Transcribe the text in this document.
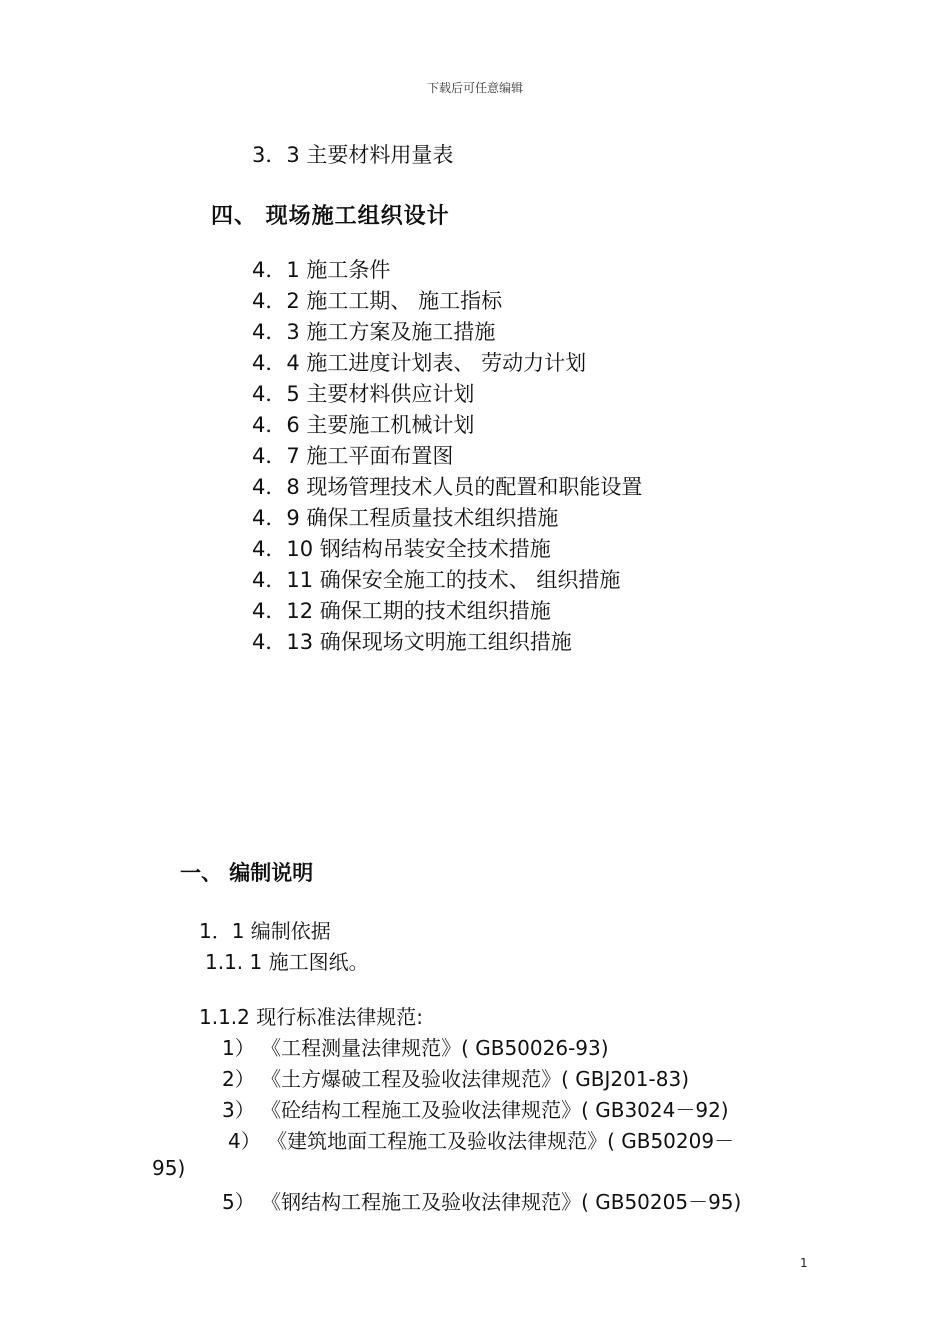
下载后可任意编辑
3．3 主要材料用量表
四、 现场施工组织设计
4．1 施工条件
4．2 施工工期、 施工指标
4．3 施工方案及施工措施
4．4 施工进度计划表、 劳动力计划
4．5 主要材料供应计划
4．6 主要施工机械计划
4．7 施工平面布置图
4．8 现场管理技术人员的配置和职能设置
4．9 确保工程质量技术组织措施
4．10 钢结构吊装安全技术措施
4．11 确保安全施工的技术、 组织措施
4．12 确保工期的技术组织措施
4．13 确保现场文明施工组织措施
一、 编制说明
1．1 编制依据
1.1. 1 施工图纸。
1.1.2 现行标准法律规范:
1） 《工程测量法律规范》( GB50026-93)
2） 《土方爆破工程及验收法律规范》( GBJ201-83)
3） 《砼结构工程施工及验收法律规范》( GB3024－92)
4） 《建筑地面工程施工及验收法律规范》( GB50209－
95)
5） 《钢结构工程施工及验收法律规范》( GB50205－95)
1
